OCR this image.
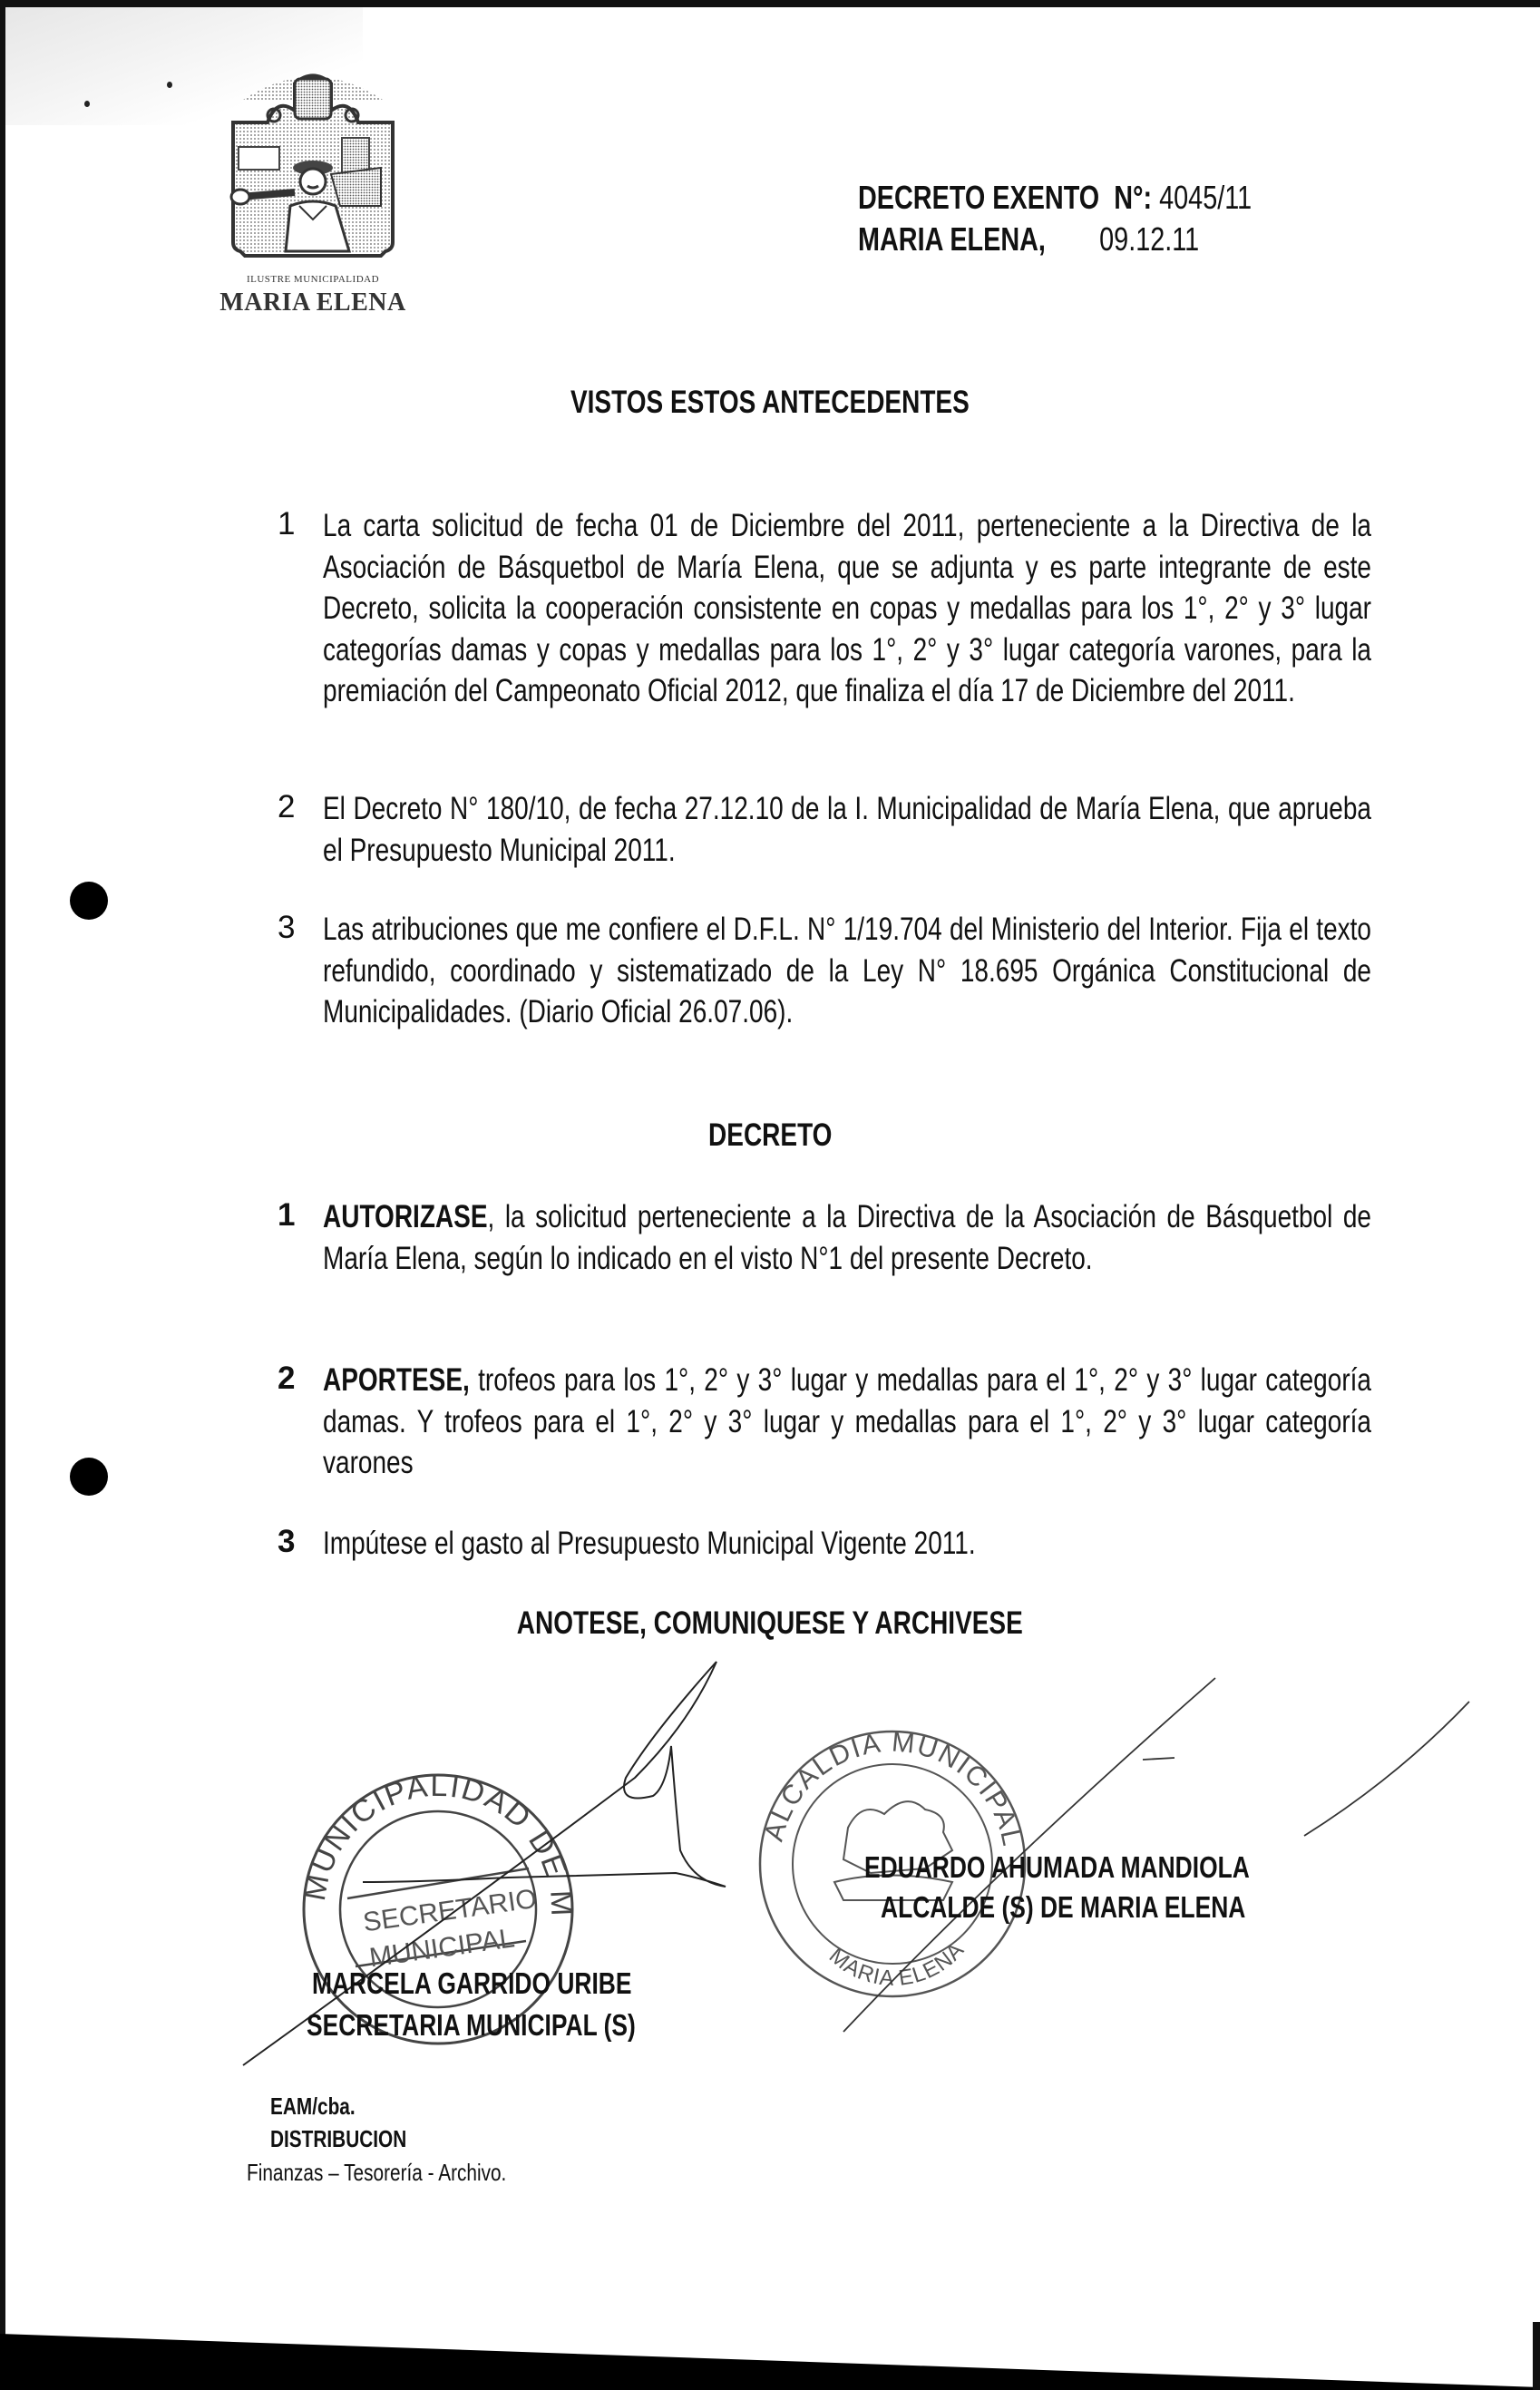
ILUSTRE MUNICIPALIDAD
MARIA ELENA
DECRETO EXENTO N°: 4045/11
MARIA ELENA, 09.12.11
VISTOS ESTOS ANTECEDENTES
1 La carta solicitud de fecha 01 de Diciembre del 2011, perteneciente a la Directiva de la Asociación de Básquetbol de María Elena, que se adjunta y es parte integrante de este Decreto, solicita la cooperación consistente en copas y medallas para los 1°, 2° y 3° lugar categorías damas y copas y medallas para los 1°, 2° y 3° lugar categoría varones, para la premiación del Campeonato Oficial 2012, que finaliza el día 17 de Diciembre del 2011.
2 El Decreto N° 180/10, de fecha 27.12.10 de la I. Municipalidad de María Elena, que aprueba el Presupuesto Municipal 2011.
3 Las atribuciones que me confiere el D.F.L. N° 1/19.704 del Ministerio del Interior. Fija el texto refundido, coordinado y sistematizado de la Ley N° 18.695 Orgánica Constitucional de Municipalidades. (Diario Oficial 26.07.06).
DECRETO
1 AUTORIZASE, la solicitud perteneciente a la Directiva de la Asociación de Básquetbol de María Elena, según lo indicado en el visto N°1 del presente Decreto.
2 APORTESE, trofeos para los 1°, 2° y 3° lugar y medallas para el 1°, 2° y 3° lugar categoría damas. Y trofeos para el 1°, 2° y 3° lugar y medallas para el 1°, 2° y 3° lugar categoría varones
3 Impútese el gasto al Presupuesto Municipal Vigente 2011.
ANOTESE, COMUNIQUESE Y ARCHIVESE
MUNICIPALIDAD DE M
SECRETARIO
MUNICIPAL
ALCALDIA MUNICIPAL
MARIA ELENA
MARCELA GARRIDO URIBE
SECRETARIA MUNICIPAL (S)
EDUARDO AHUMADA MANDIOLA
ALCALDE (S) DE MARIA ELENA
EAM/cba.
DISTRIBUCION
Finanzas – Tesorería - Archivo.
